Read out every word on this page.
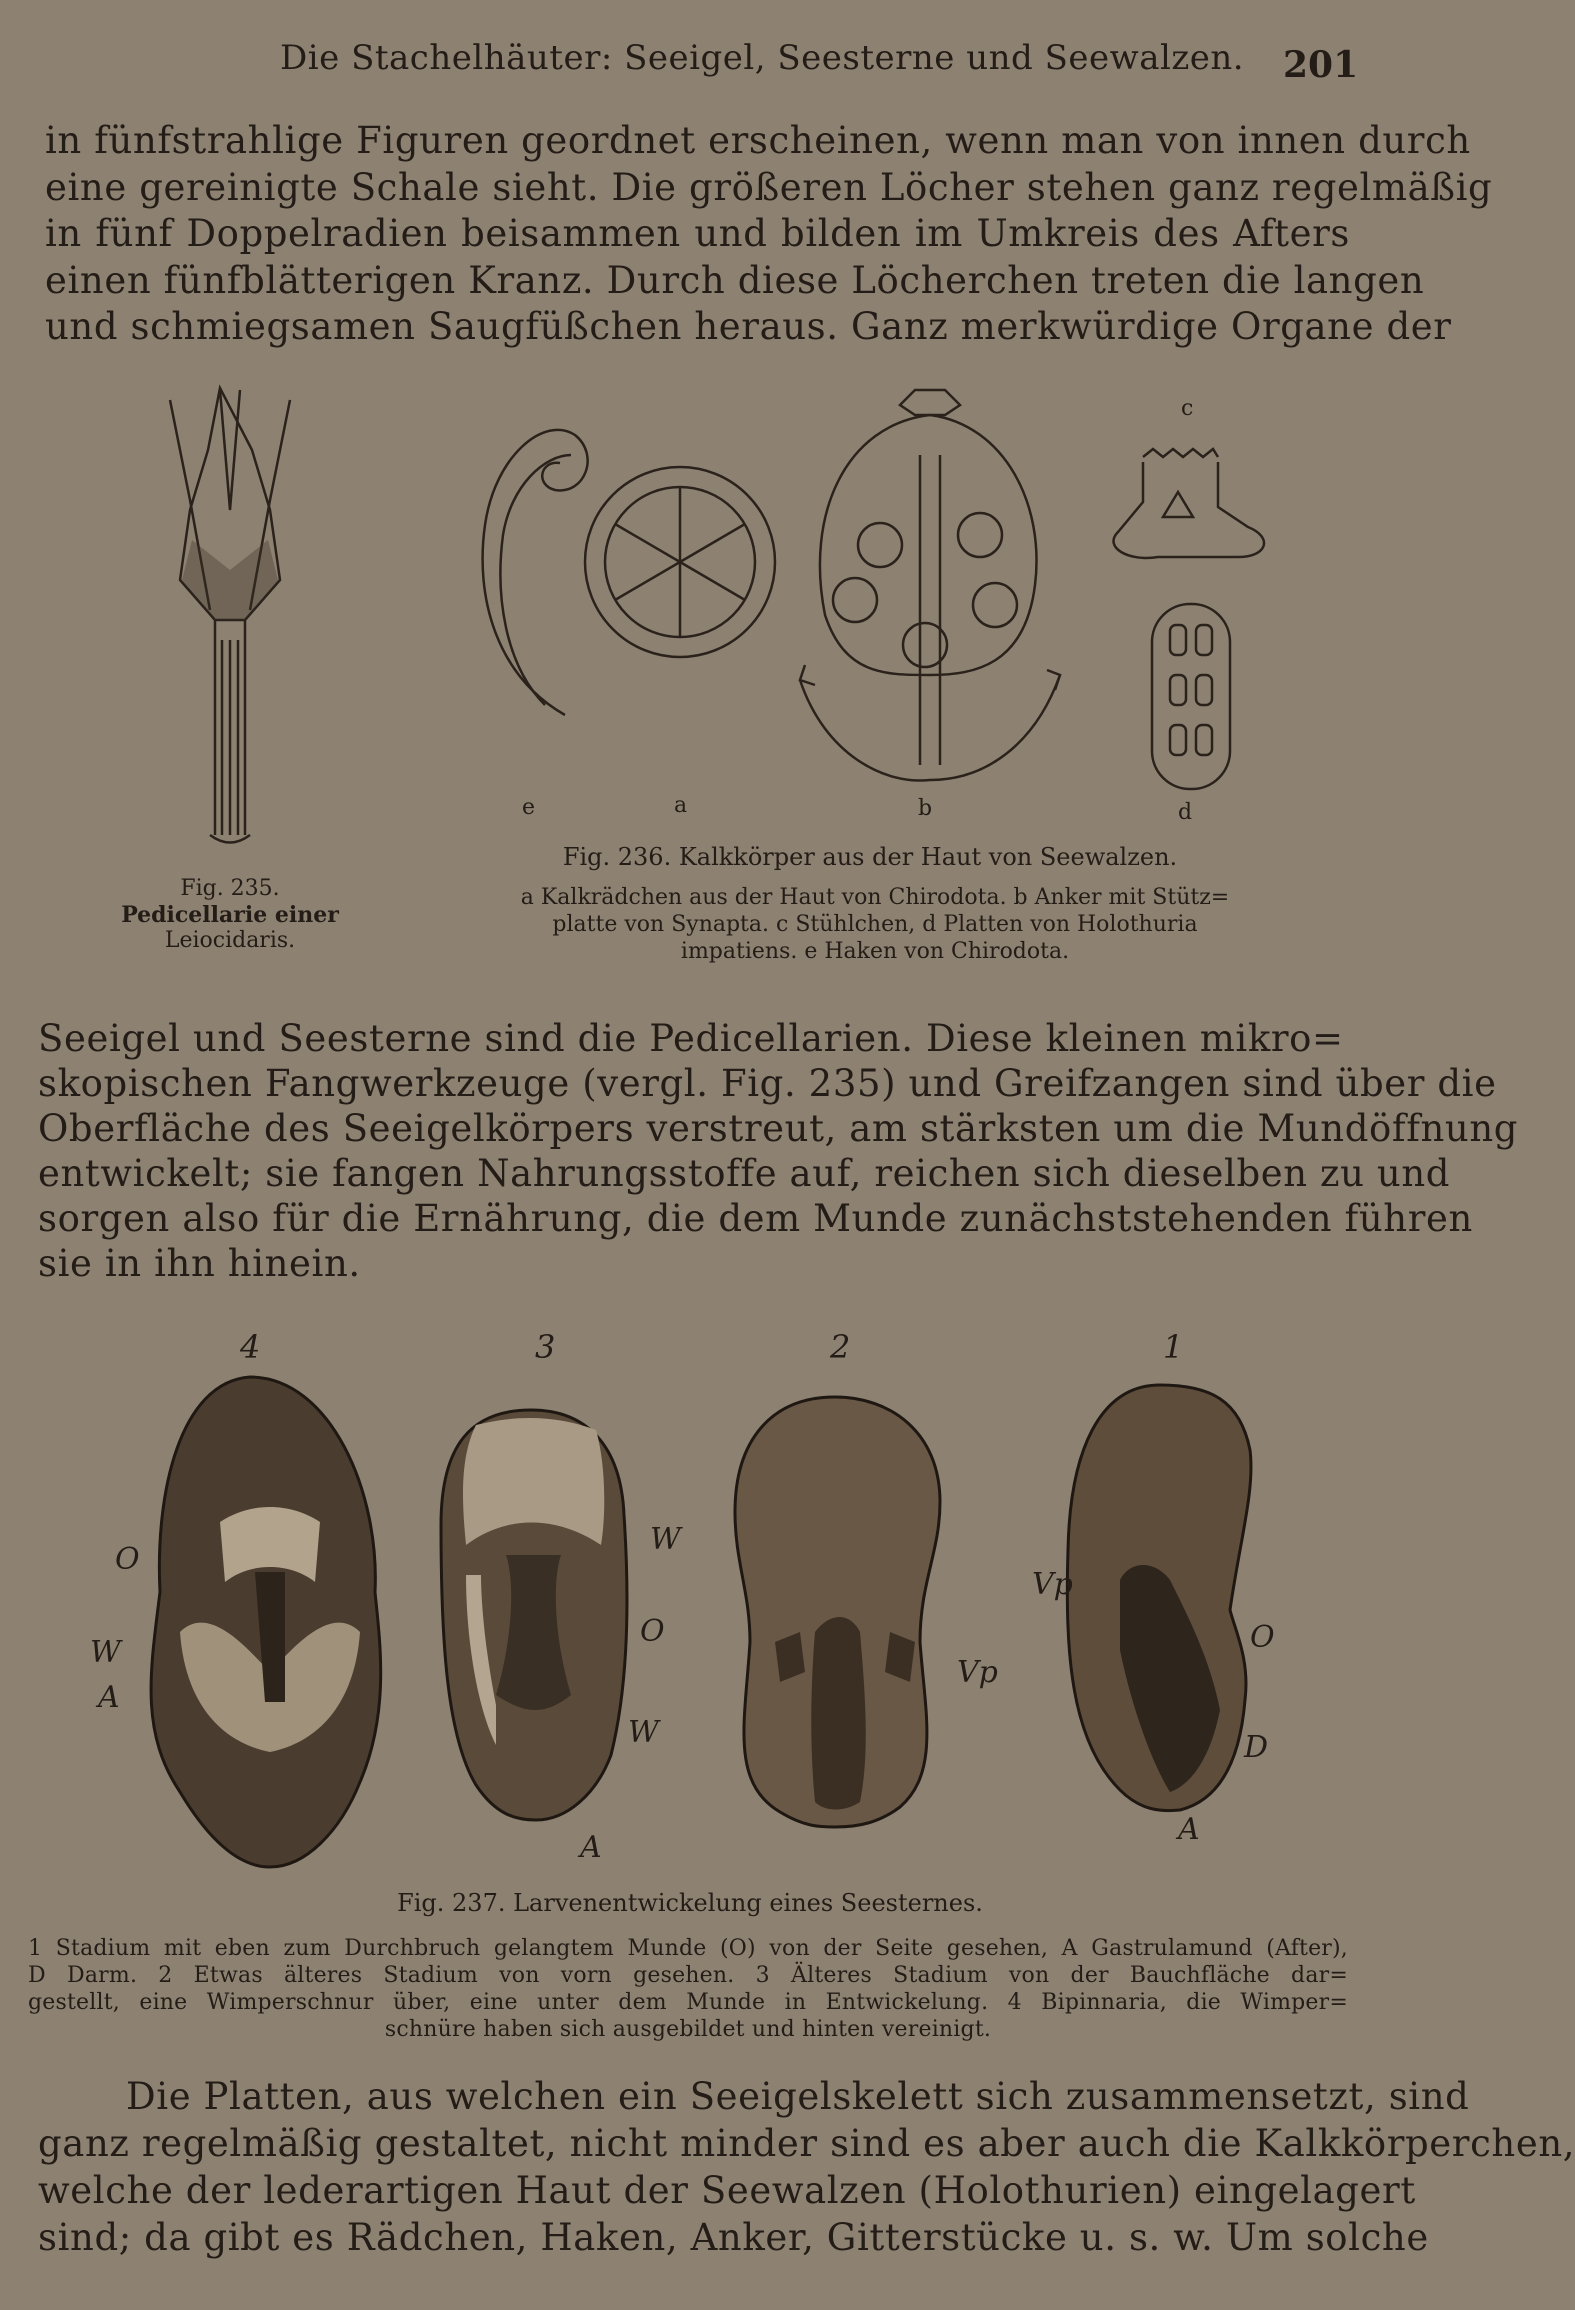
Die Stachelhäuter: Seeigel, Seesterne und Seewalzen. 201
in fünfstrahlige Figuren geordnet erscheinen, wenn man von innen durch
eine gereinigte Schale sieht. Die größeren Löcher stehen ganz regelmäßig
in fünf Doppelradien beisammen und bilden im Umkreis des Afters
einen fünfblätterigen Kranz. Durch diese Löcherchen treten die langen
und schmiegsamen Saugfüßchen heraus. Ganz merkwürdige Organe der
e	a	b
c
d
Fig. 235.
Pedicellarie einer
Leiocidaris.
Fig. 236. Kalkkörper aus der Haut von Seewalzen.
a Kalkrädchen aus der Haut von Chirodota. b Anker mit Stütz=
platte von Synapta. c Stühlchen, d Platten von Holothuria
impatiens. e Haken von Chirodota.
Seeigel und Seesterne sind die Pedicellarien. Diese kleinen mikro=
skopischen Fangwerkzeuge (vergl. Fig. 235) und Greifzangen sind über die
Oberfläche des Seeigelkörpers verstreut, am stärksten um die Mundöffnung
entwickelt; sie fangen Nahrungsstoffe auf, reichen sich dieselben zu und
sorgen also für die Ernährung, die dem Munde zunächststehenden führen
sie in ihn hinein.
4	3	2	1
O
W
A
W
O
W
A
Vp
Vp
O
D
A
Fig. 237. Larvenentwickelung eines Seesternes.
1 Stadium mit eben zum Durchbruch gelangtem Munde (O) von der Seite gesehen, A Gastrulamund (After),
D Darm. 2 Etwas älteres Stadium von vorn gesehen. 3 Älteres Stadium von der Bauchfläche dar=
gestellt, eine Wimperschnur über, eine unter dem Munde in Entwickelung. 4 Bipinnaria, die Wimper=
schnüre haben sich ausgebildet und hinten vereinigt.
Die Platten, aus welchen ein Seeigelskelett sich zusammensetzt, sind
ganz regelmäßig gestaltet, nicht minder sind es aber auch die Kalkkörperchen,
welche der lederartigen Haut der Seewalzen (Holothurien) eingelagert
sind; da gibt es Rädchen, Haken, Anker, Gitterstücke u. s. w. Um solche
